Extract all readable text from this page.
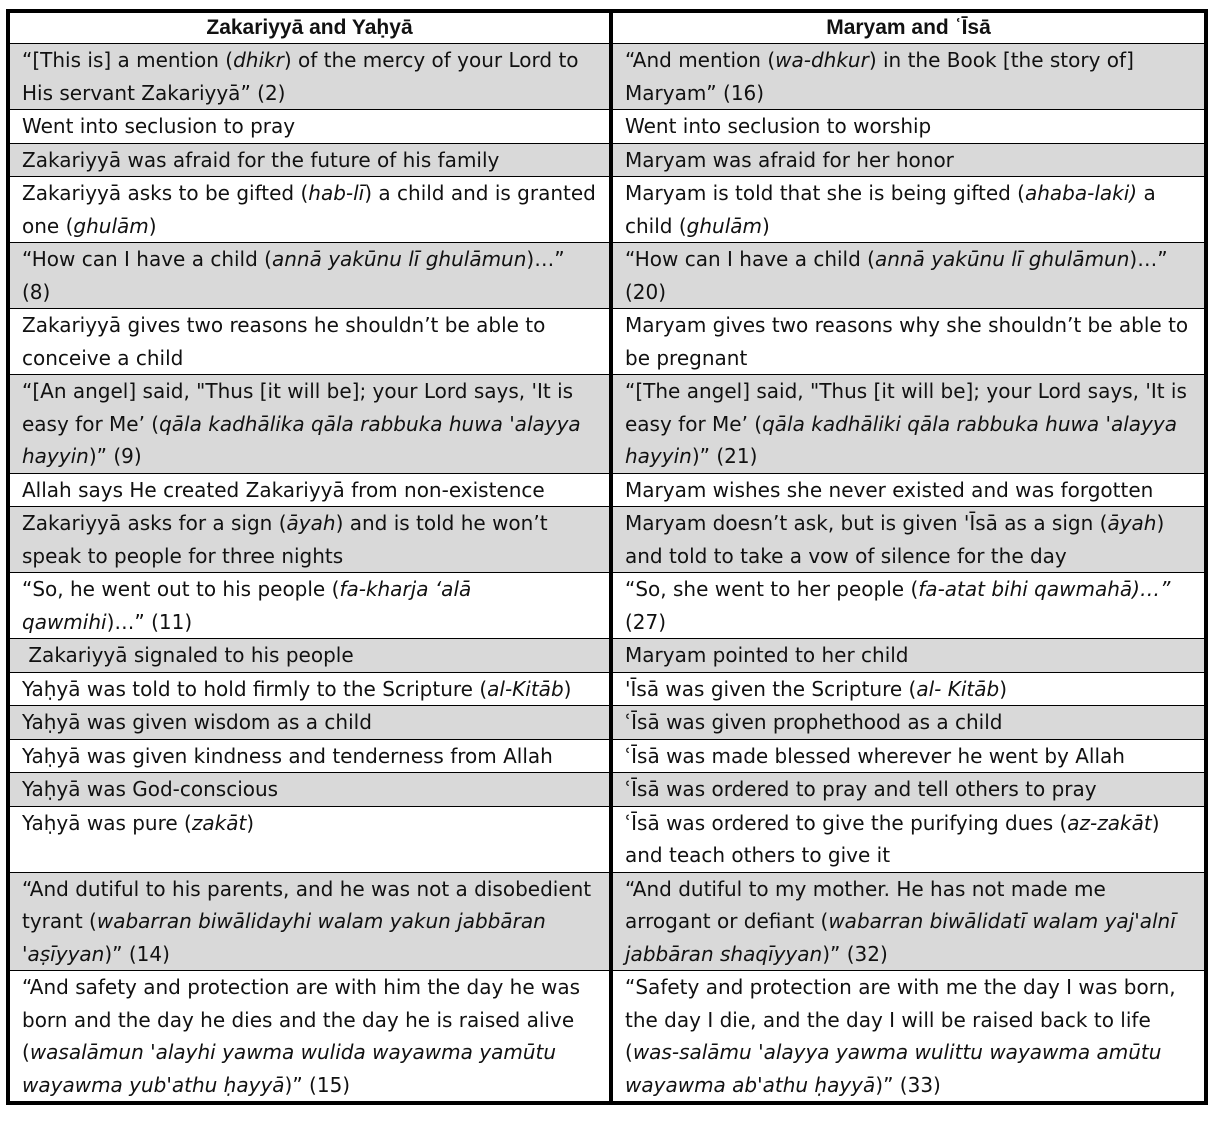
Zakariyyā and Yaḥyā	Maryam and ʿĪsā
“[This is] a mention (dhikr) of the mercy of your Lord to His servant Zakariyyā” (2)	“And mention (wa-dhkur) in the Book [the story of] Maryam” (16)
Went into seclusion to pray	Went into seclusion to worship
Zakariyyā was afraid for the future of his family	Maryam was afraid for her honor
Zakariyyā asks to be gifted (hab-lī) a child and is granted one (ghulām)	Maryam is told that she is being gifted (ahaba-laki) a child (ghulām)
“How can I have a child (annā yakūnu lī ghulāmun)…” (8)	“How can I have a child (annā yakūnu lī ghulāmun)…” (20)
Zakariyyā gives two reasons he shouldn’t be able to conceive a child	Maryam gives two reasons why she shouldn’t be able to be pregnant
“[An angel] said, "Thus [it will be]; your Lord says, 'It is easy for Me’ (qāla kadhālika qāla rabbuka huwa 'alayya hayyin)” (9)	“[The angel] said, "Thus [it will be]; your Lord says, 'It is easy for Me’ (qāla kadhāliki qāla rabbuka huwa 'alayya hayyin)” (21)
Allah says He created Zakariyyā from non-existence	Maryam wishes she never existed and was forgotten
Zakariyyā asks for a sign (āyah) and is told he won’t speak to people for three nights	Maryam doesn’t ask, but is given 'Īsā as a sign (āyah) and told to take a vow of silence for the day
“So, he went out to his people (fa-kharja ‘alā qawmihi)…” (11)	“So, she went to her people (fa-atat bihi qawmahā)…” (27)
Zakariyyā signaled to his people	Maryam pointed to her child
Yaḥyā was told to hold firmly to the Scripture (al-Kitāb)	'Īsā was given the Scripture (al- Kitāb)
Yaḥyā was given wisdom as a child	ʿĪsā was given prophethood as a child
Yaḥyā was given kindness and tenderness from Allah	ʿĪsā was made blessed wherever he went by Allah
Yaḥyā was God-conscious	ʿĪsā was ordered to pray and tell others to pray
Yaḥyā was pure (zakāt)	ʿĪsā was ordered to give the purifying dues (az-zakāt) and teach others to give it
“And dutiful to his parents, and he was not a disobedient tyrant (wabarran biwālidayhi walam yakun jabbāran 'aṣīyyan)” (14)	“And dutiful to my mother. He has not made me arrogant or defiant (wabarran biwālidatī walam yaj'alnī jabbāran shaqīyyan)” (32)
“And safety and protection are with him the day he was born and the day he dies and the day he is raised alive (wasalāmun 'alayhi yawma wulida wayawma yamūtu wayawma yub'athu ḥayyā)” (15)	“Safety and protection are with me the day I was born, the day I die, and the day I will be raised back to life (was-salāmu 'alayya yawma wulittu wayawma amūtu wayawma ab'athu ḥayyā)” (33)
